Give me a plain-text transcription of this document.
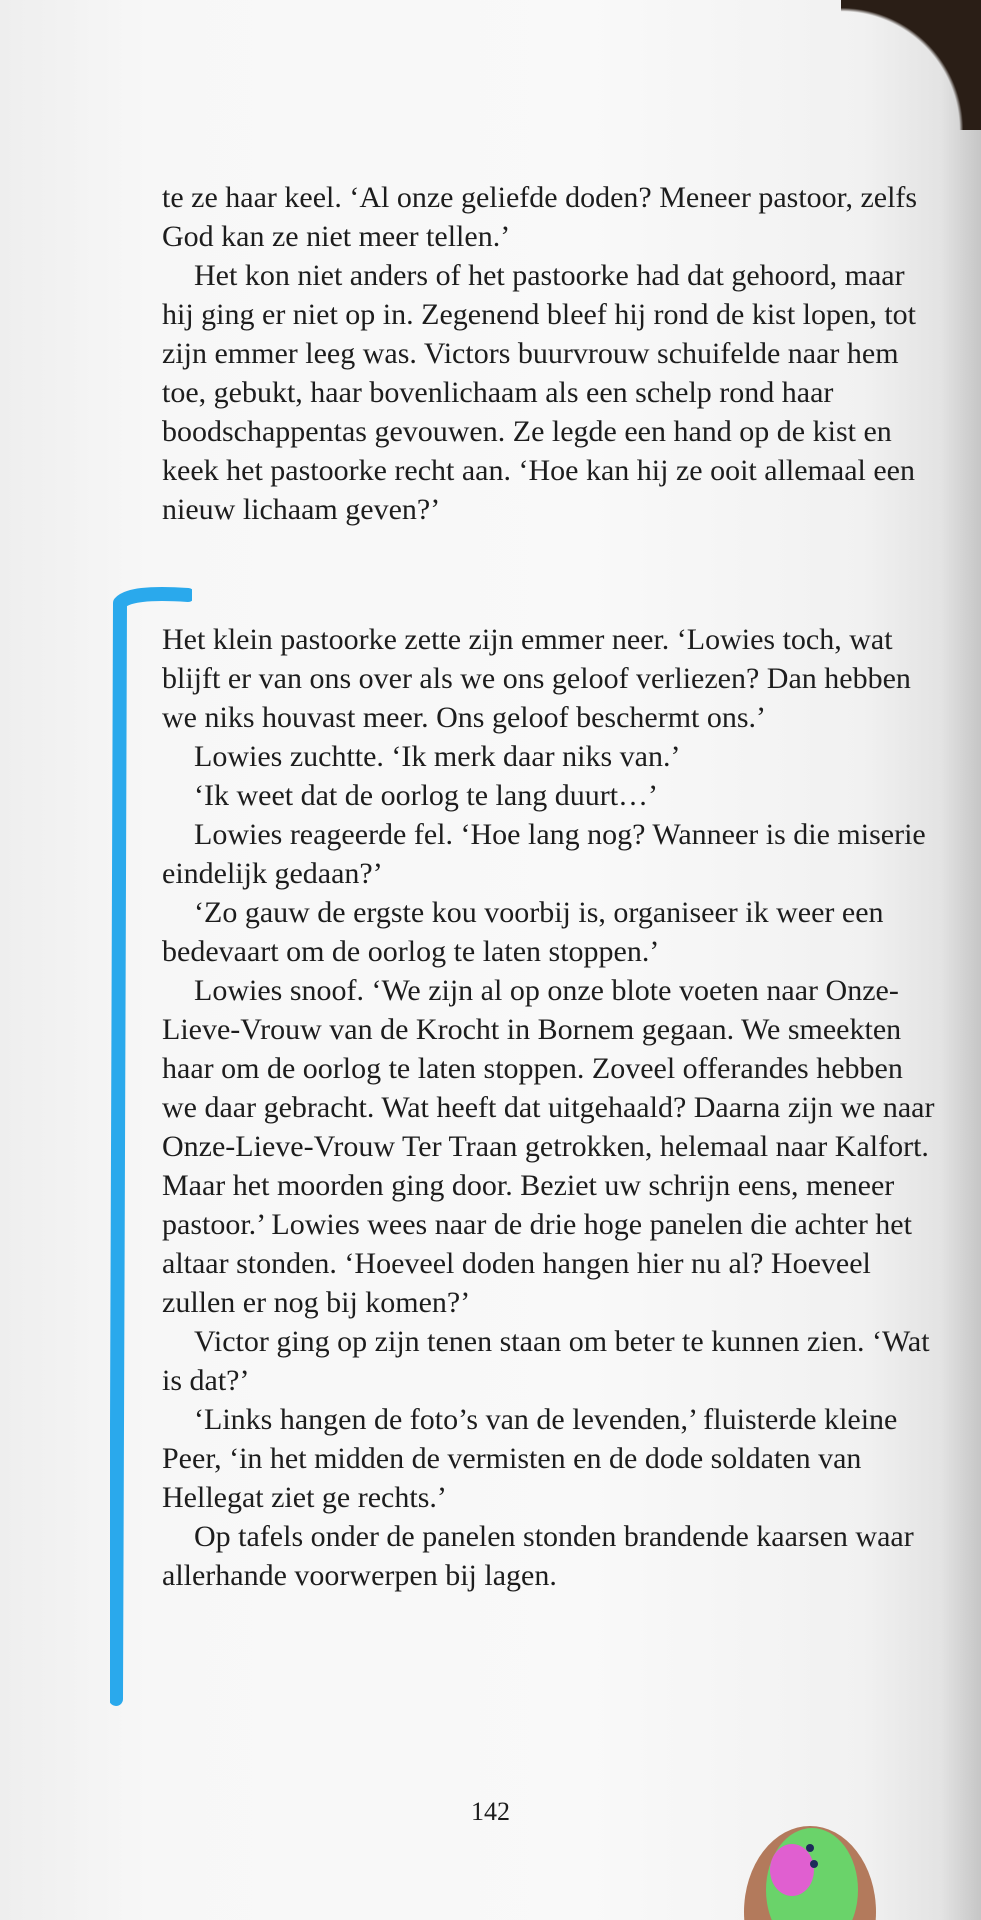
te ze haar keel. ‘Al onze geliefde doden? Meneer pastoor, zelfs God kan ze niet meer tellen.’

Het kon niet anders of het pastoorke had dat gehoord, maar hij ging er niet op in. Zegenend bleef hij rond de kist lopen, tot zijn emmer leeg was. Victors buurvrouw schuifelde naar hem toe, gebukt, haar bovenlichaam als een schelp rond haar boodschappentas gevouwen. Ze legde een hand op de kist en keek het pastoorke recht aan. ‘Hoe kan hij ze ooit allemaal een nieuw lichaam geven?’

Het klein pastoorke zette zijn emmer neer. ‘Lowies toch, wat blijft er van ons over als we ons geloof verliezen? Dan hebben we niks houvast meer. Ons geloof beschermt ons.’

Lowies zuchtte. ‘Ik merk daar niks van.’

‘Ik weet dat de oorlog te lang duurt…’

Lowies reageerde fel. ‘Hoe lang nog? Wanneer is die miserie eindelijk gedaan?’

‘Zo gauw de ergste kou voorbij is, organiseer ik weer een bedevaart om de oorlog te laten stoppen.’

Lowies snoof. ‘We zijn al op onze blote voeten naar Onze-Lieve-Vrouw van de Krocht in Bornem gegaan. We smeekten haar om de oorlog te laten stoppen. Zoveel offerandes hebben we daar gebracht. Wat heeft dat uitgehaald? Daarna zijn we naar Onze-Lieve-Vrouw Ter Traan getrokken, helemaal naar Kalfort. Maar het moorden ging door. Beziet uw schrijn eens, meneer pastoor.’ Lowies wees naar de drie hoge panelen die achter het altaar stonden. ‘Hoeveel doden hangen hier nu al? Hoeveel zullen er nog bij komen?’

Victor ging op zijn tenen staan om beter te kunnen zien. ‘Wat is dat?’

‘Links hangen de foto’s van de levenden,’ fluisterde kleine Peer, ‘in het midden de vermisten en de dode soldaten van Hellegat ziet ge rechts.’

Op tafels onder de panelen stonden brandende kaarsen waar allerhande voorwerpen bij lagen.

142
